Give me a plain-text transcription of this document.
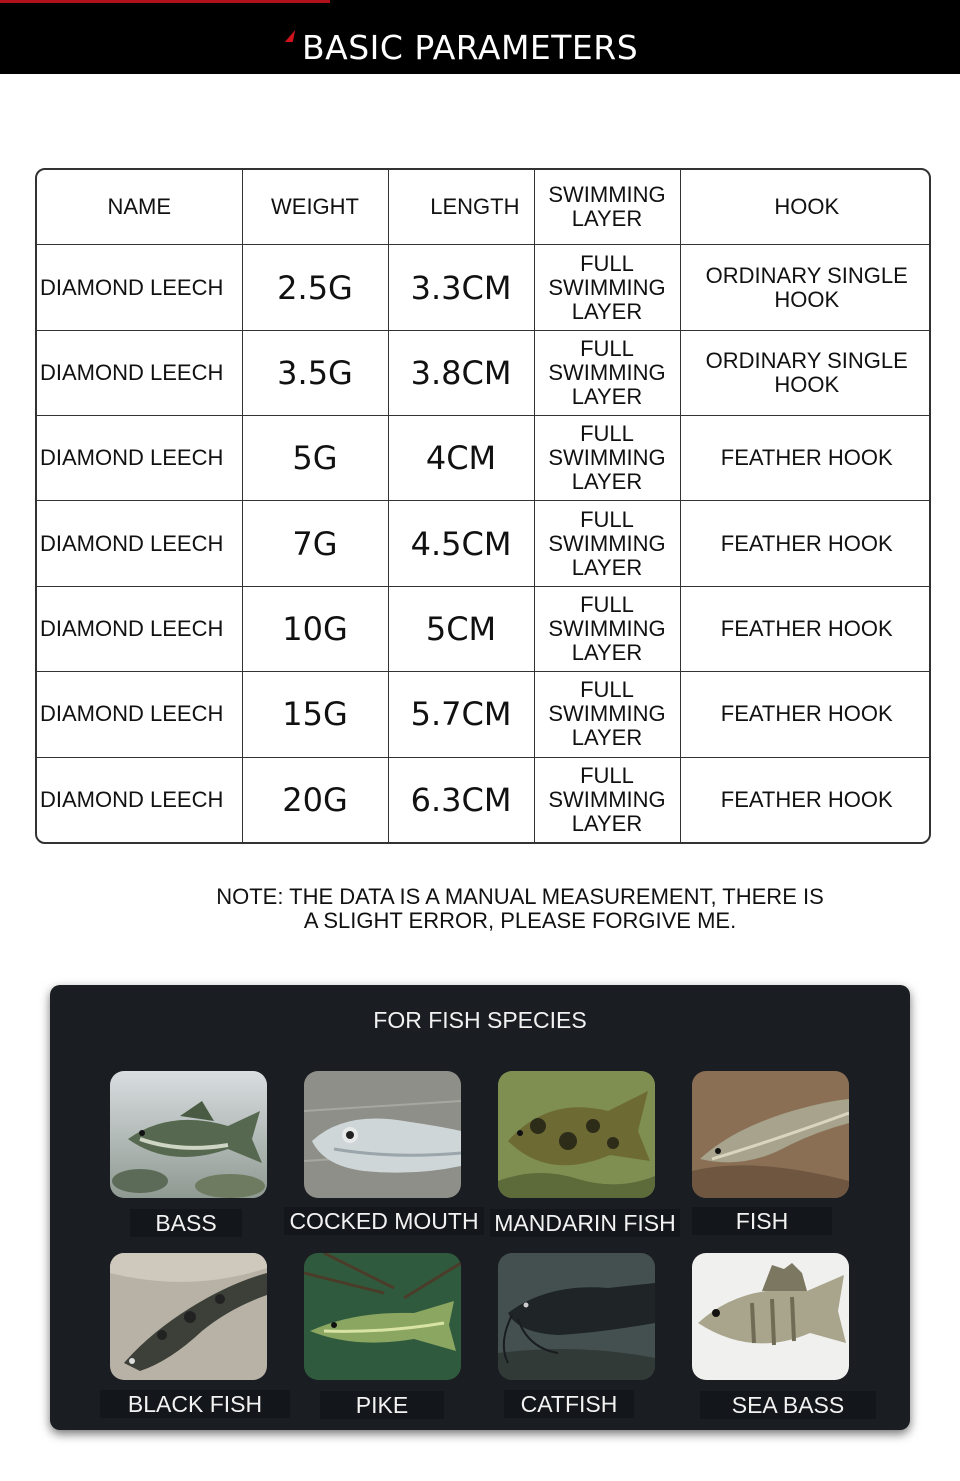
BASIC PARAMETERS
NAME	WEIGHT	LENGTH	SWIMMING LAYER	HOOK
DIAMOND LEECH	2.5G	3.3CM	FULL SWIMMING LAYER	ORDINARY SINGLE HOOK
DIAMOND LEECH	3.5G	3.8CM	FULL SWIMMING LAYER	ORDINARY SINGLE HOOK
DIAMOND LEECH	5G	4CM	FULL SWIMMING LAYER	FEATHER HOOK
DIAMOND LEECH	7G	4.5CM	FULL SWIMMING LAYER	FEATHER HOOK
DIAMOND LEECH	10G	5CM	FULL SWIMMING LAYER	FEATHER HOOK
DIAMOND LEECH	15G	5.7CM	FULL SWIMMING LAYER	FEATHER HOOK
DIAMOND LEECH	20G	6.3CM	FULL SWIMMING LAYER	FEATHER HOOK
NOTE: THE DATA IS A MANUAL MEASUREMENT, THERE IS
A SLIGHT ERROR, PLEASE FORGIVE ME.
FOR FISH SPECIES
BASS	COCKED MOUTH MANDARIN FISH	FISH
BLACK FISH	PIKE	CATFISH	SEA BASS
